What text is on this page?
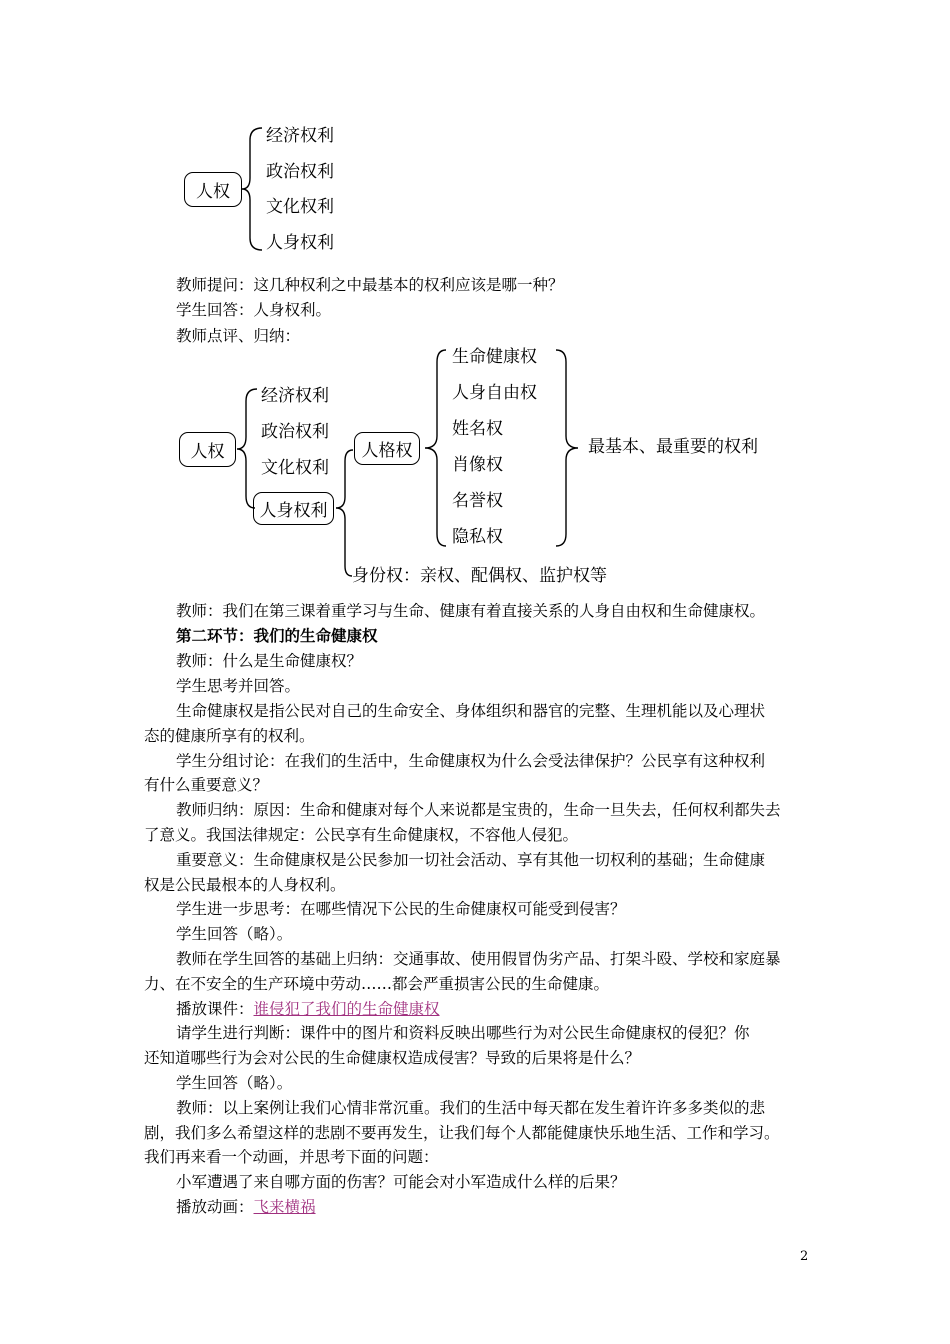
人权
经济权利
政治权利
文化权利
人身权利
教师提问：这几种权利之中最基本的权利应该是哪一种？
学生回答：人身权利。
教师点评、归纳：
人权
经济权利
政治权利
文化权利
人身权利
人格权
生命健康权
人身自由权
姓名权
肖像权
名誉权
隐私权
最基本、最重要的权利
身份权：亲权、配偶权、监护权等
教师：我们在第三课着重学习与生命、健康有着直接关系的人身自由权和生命健康权。
第二环节：我们的生命健康权
教师：什么是生命健康权？
学生思考并回答。
生命健康权是指公民对自己的生命安全、身体组织和器官的完整、生理机能以及心理状
态的健康所享有的权利。
学生分组讨论：在我们的生活中，生命健康权为什么会受法律保护？公民享有这种权利
有什么重要意义？
教师归纳：原因：生命和健康对每个人来说都是宝贵的，生命一旦失去，任何权利都失去
了意义。我国法律规定：公民享有生命健康权，不容他人侵犯。
重要意义：生命健康权是公民参加一切社会活动、享有其他一切权利的基础；生命健康
权是公民最根本的人身权利。
学生进一步思考：在哪些情况下公民的生命健康权可能受到侵害？
学生回答（略）。
教师在学生回答的基础上归纳：交通事故、使用假冒伪劣产品、打架斗殴、学校和家庭暴
力、在不安全的生产环境中劳动……都会严重损害公民的生命健康。
播放课件：谁侵犯了我们的生命健康权
请学生进行判断：课件中的图片和资料反映出哪些行为对公民生命健康权的侵犯？你
还知道哪些行为会对公民的生命健康权造成侵害？导致的后果将是什么？
学生回答（略）。
教师：以上案例让我们心情非常沉重。我们的生活中每天都在发生着许许多多类似的悲
剧，我们多么希望这样的悲剧不要再发生，让我们每个人都能健康快乐地生活、工作和学习。
我们再来看一个动画，并思考下面的问题：
小军遭遇了来自哪方面的伤害？可能会对小军造成什么样的后果？
播放动画：飞来横祸
2
